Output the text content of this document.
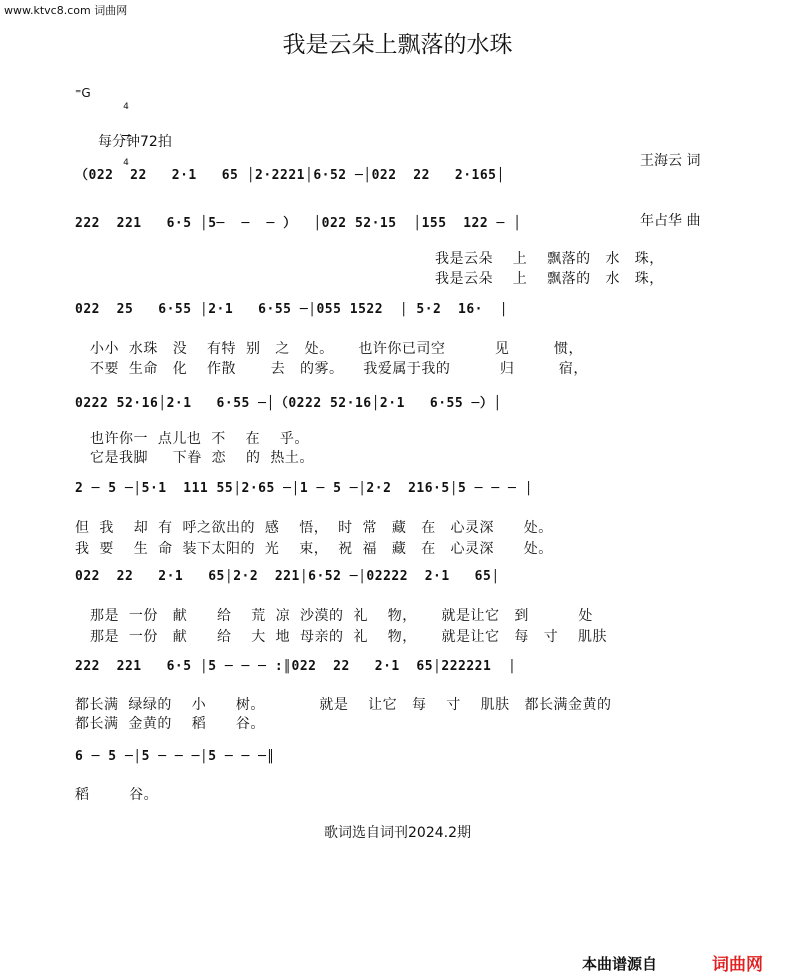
www.ktvc8.com 词曲网
我是云朵上飘落的水珠
⁼G

4

4

	王海云 词

年占华 曲

每分钟72拍

（022  22   2·1   65 │2·2221│6·52 ─│022  22   2·165│

222  221   6·5 │5─  ─  ─ ）  │022 52·15  │155  122 ─ │

我是云朵    上    飘落的   水   珠，
我是云朵    上    飘落的   水   珠，

022  25   6·55 │2·1   6·55 ─│055 1522  │ 5·2  16·  │

小小  水珠   没    有特  别   之   处。     也许你已司空          见         惯，
不要  生命   化    作散       去   的雾。    我爱属于我的          归         宿，

0222 52·16│2·1   6·55 ─│（0222 52·16│2·1   6·55 ─）│

也许你一  点儿也  不    在    乎。
它是我脚     下眷  恋    的  热土。

2 ─ 5 ─│5·1  111 55│2·65 ─│1 ─ 5 ─│2·2  216·5│5 ─ ─ ─ │

但  我    却  有  呼之欲出的  感    悟，  时  常   藏   在   心灵深      处。
我  要    生  命  装下太阳的  光    束，  祝  福   藏   在   心灵深      处。

022  22   2·1   65│2·2  221│6·52 ─│02222  2·1   65│

那是  一份   献      给    荒  凉  沙漠的  礼    物，     就是让它   到          处
那是  一份   献      给    大  地  母亲的  礼    物，     就是让它   每   寸    肌肤

222  221   6·5 │5 ─ ─ ─ :║022  22   2·1  65│222221  │

都长满  绿绿的    小      树。           就是    让它   每    寸    肌肤   都长满金黄的
都长满  金黄的    稻      谷。

6 ─ 5 ─│5 ─ ─ ─│5 ─ ─ ─║

稻        谷。
歌词选自词刊2024.2期
本曲谱源自	词曲网
